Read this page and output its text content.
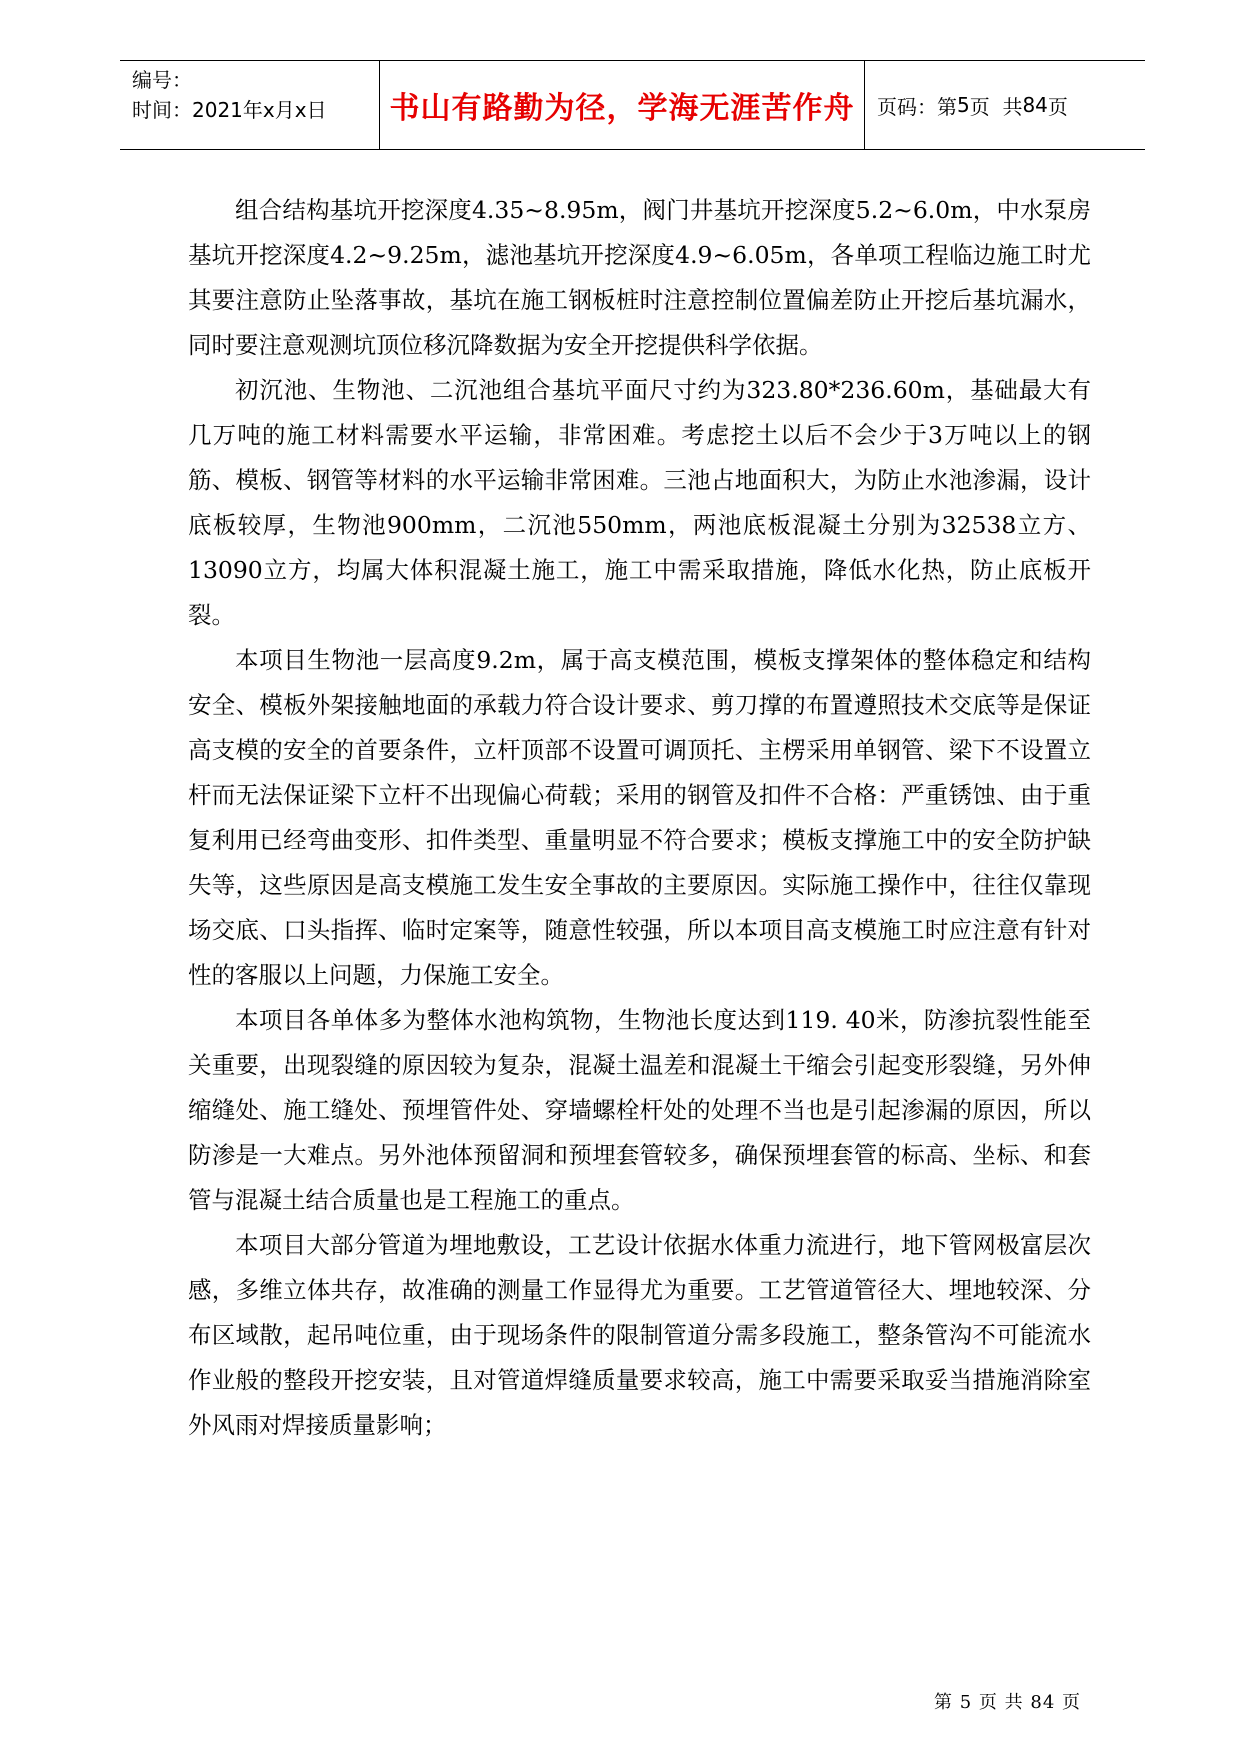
编号：
时间：2021年x月x日	书山有路勤为径，学海无涯苦作舟	页码：第 5 页  共 84 页

组合结构基坑开挖深度4.35~8.95m，阀门井基坑开挖深度5.2~6.0m，中水泵房基坑开挖深度4.2~9.25m，滤池基坑开挖深度4.9~6.05m，各单项工程临边施工时尤其要注意防止坠落事故，基坑在施工钢板桩时注意控制位置偏差防止开挖后基坑漏水，同时要注意观测坑顶位移沉降数据为安全开挖提供科学依据。

初沉池、生物池、二沉池组合基坑平面尺寸约为323.80*236.60m，基础最大有几万吨的施工材料需要水平运输，非常困难。考虑挖土以后不会少于3万吨以上的钢筋、模板、钢管等材料的水平运输非常困难。三池占地面积大，为防止水池渗漏，设计底板较厚，生物池900mm，二沉池550mm，两池底板混凝土分别为32538立方、13090立方，均属大体积混凝土施工，施工中需采取措施，降低水化热，防止底板开裂。

本项目生物池一层高度9.2m，属于高支模范围，模板支撑架体的整体稳定和结构安全、模板外架接触地面的承载力符合设计要求、剪刀撑的布置遵照技术交底等是保证高支模的安全的首要条件，立杆顶部不设置可调顶托、主楞采用单钢管、梁下不设置立杆而无法保证梁下立杆不出现偏心荷载；采用的钢管及扣件不合格：严重锈蚀、由于重复利用已经弯曲变形、扣件类型、重量明显不符合要求；模板支撑施工中的安全防护缺失等，这些原因是高支模施工发生安全事故的主要原因。实际施工操作中，往往仅靠现场交底、口头指挥、临时定案等，随意性较强，所以本项目高支模施工时应注意有针对性的客服以上问题，力保施工安全。

本项目各单体多为整体水池构筑物，生物池长度达到119. 40米，防渗抗裂性能至关重要，出现裂缝的原因较为复杂，混凝土温差和混凝土干缩会引起变形裂缝，另外伸缩缝处、施工缝处、预埋管件处、穿墙螺栓杆处的处理不当也是引起渗漏的原因，所以防渗是一大难点。另外池体预留洞和预埋套管较多，确保预埋套管的标高、坐标、和套管与混凝土结合质量也是工程施工的重点。

本项目大部分管道为埋地敷设，工艺设计依据水体重力流进行，地下管网极富层次感，多维立体共存，故准确的测量工作显得尤为重要。工艺管道管径大、埋地较深、分布区域散，起吊吨位重，由于现场条件的限制管道分需多段施工，整条管沟不可能流水作业般的整段开挖安装，且对管道焊缝质量要求较高，施工中需要采取妥当措施消除室外风雨对焊接质量影响；

第 5 页 共 84 页
